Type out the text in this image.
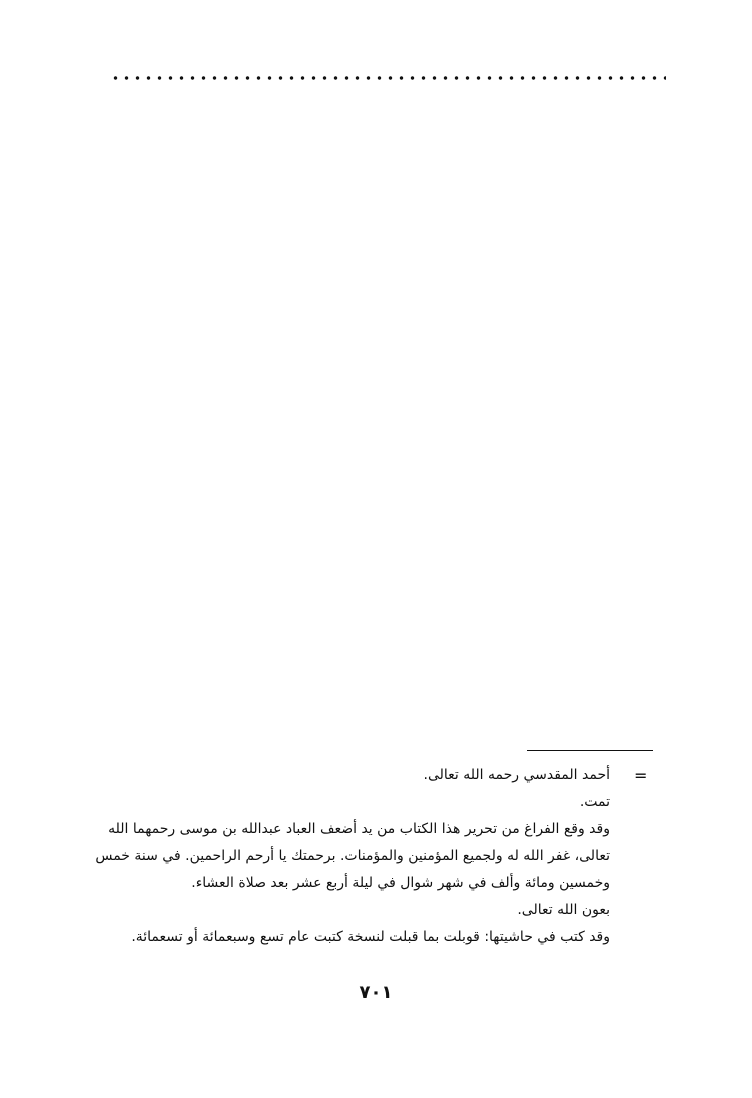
=
أحمد المقدسي رحمه الله تعالى.
تمت.
وقد وقع الفراغ من تحرير هذا الكتاب من يد أضعف العباد عبدالله بن موسى رحمهما الله
تعالى، غفر الله له ولجميع المؤمنين والمؤمنات. برحمتك يا أرحم الراحمين. في سنة خمس
وخمسين ومائة وألف في شهر شوال في ليلة أربع عشر بعد صلاة العشاء.
بعون الله تعالى.
وقد كتب في حاشيتها: قوبلت بما قبلت لنسخة كتبت عام تسع وسبعمائة أو تسعمائة.
٧٠١
